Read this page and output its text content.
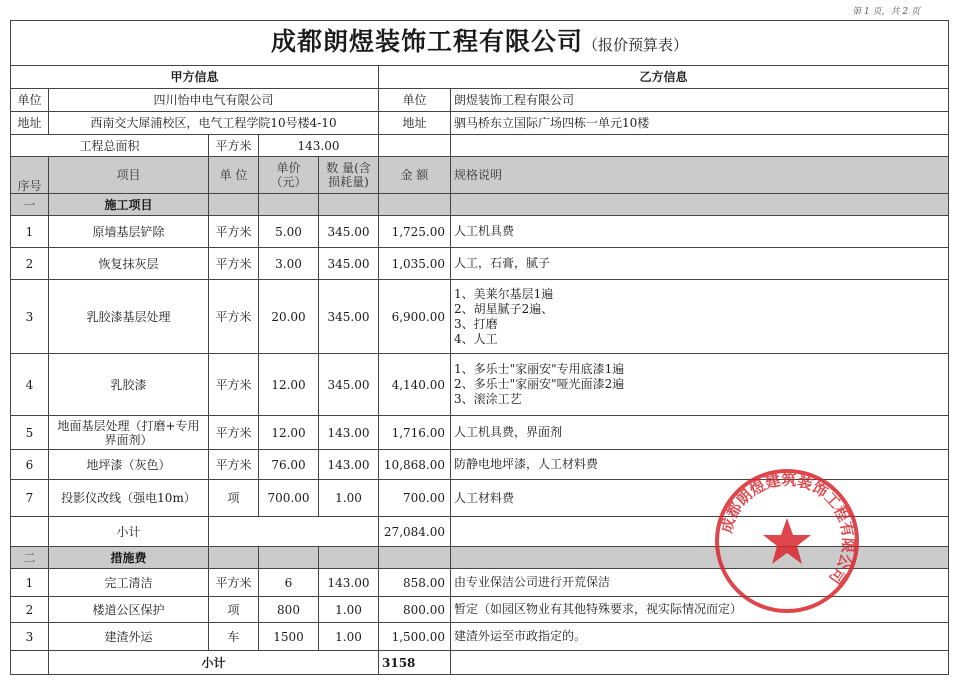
第 1 页，共 2 页
成都朗煜装饰工程有限公司（报价预算表）						
甲方信息					乙方信息	
单位	四川怡申电气有限公司				单位	朗煜装饰工程有限公司
地址	西南交大犀浦校区，电气工程学院10号楼4-10				地址	驷马桥东立国际广场四栋一单元10楼
工程总面积		平方米	143.00			
序号	项目	单 位	单价（元）	数 量(含损耗量)	金 额	规格说明
一	施工项目					
1	原墙基层铲除	平方米	5.00	345.00	1,725.00	人工机具费

2	恢复抹灰层	平方米	3.00	345.00	1,035.00	人工，石膏，腻子

3	乳胶漆基层处理	平方米	20.00	345.00	6,900.00	1、美莱尔基层1遍
2、胡星腻子2遍、
3、打磨
4、人工

4	乳胶漆	平方米	12.00	345.00	4,140.00	1、多乐士"家丽安"专用底漆1遍
2、多乐士"家丽安"哑光面漆2遍
3、滚涂工艺

5	地面基层处理（打磨+专用界面剂）	平方米	12.00	143.00	1,716.00	人工机具费，界面剂

6	地坪漆（灰色）	平方米	76.00	143.00	10,868.00	防静电地坪漆，人工材料费

7	投影仪改线（强电10m）	项	700.00	1.00	700.00	人工材料费

	小计				27,084.00	
二	措施费					
1	完工清洁	平方米	6	143.00	858.00	由专业保洁公司进行开荒保洁

2	楼道公区保护	项	800	1.00	800.00	暂定（如园区物业有其他特殊要求，视实际情况而定）

3	建渣外运	车	1500	1.00	1,500.00	建渣外运至市政指定的。

	小计				3158	
成都朗煜建筑装饰工程有限公司
